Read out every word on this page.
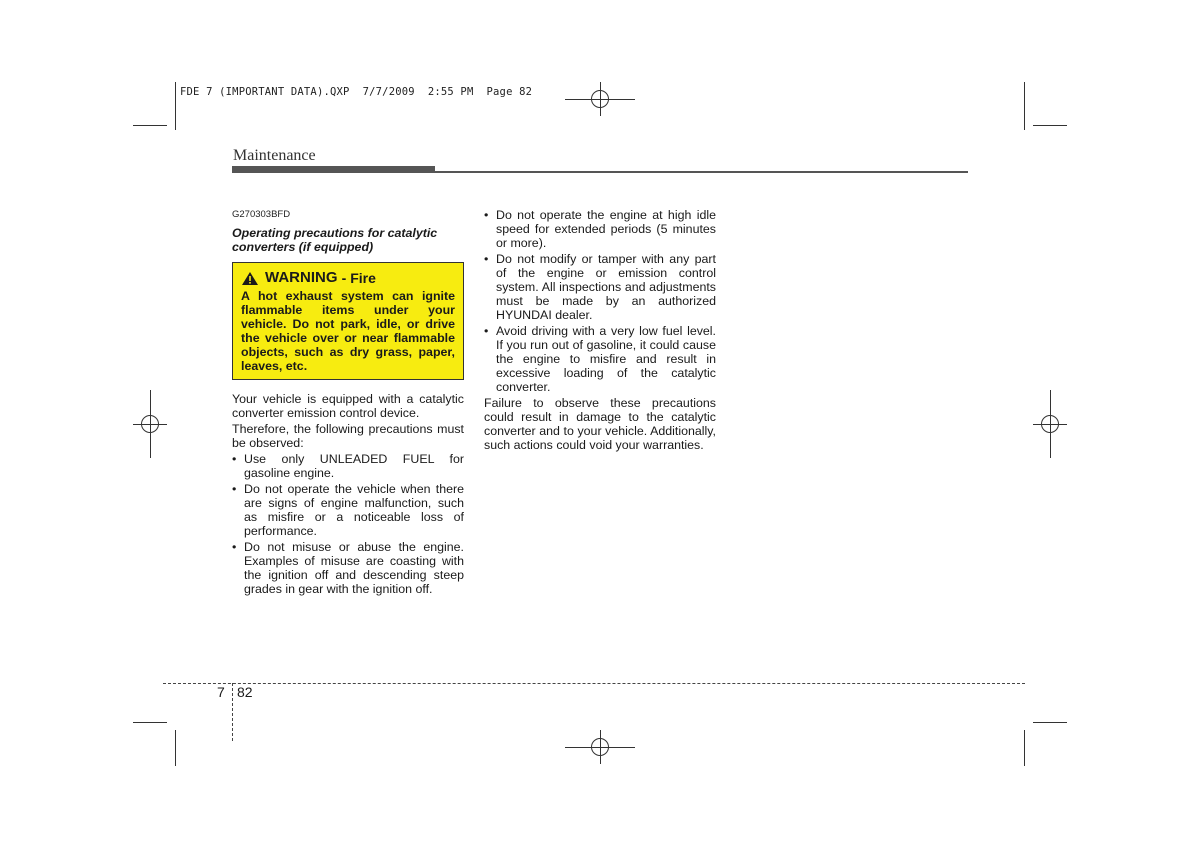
FDE 7 (IMPORTANT DATA).QXP  7/7/2009  2:55 PM  Page 82
Maintenance

G270303BFD

Operating precautions for catalytic converters (if equipped)

WARNING
- Fire
A hot exhaust system can ignite flammable items under your vehicle. Do not park, idle, or drive the vehicle over or near flammable objects, such as dry grass, paper, leaves, etc.

Your vehicle is equipped with a catalytic converter emission control device.

Therefore, the following precautions must be observed:

• Use only UNLEADED FUEL for gasoline engine.
• Do not operate the vehicle when there are signs of engine malfunction, such as misfire or a noticeable loss of performance.
• Do not misuse or abuse the engine. Examples of misuse are coasting with the ignition off and descending steep grades in gear with the ignition off.
• Do not operate the engine at high idle speed for extended periods (5 minutes or more).
• Do not modify or tamper with any part of the engine or emission control system. All inspections and adjustments must be made by an authorized HYUNDAI dealer.
• Avoid driving with a very low fuel level. If you run out of gasoline, it could cause the engine to misfire and result in excessive loading of the catalytic converter.

Failure to observe these precautions could result in damage to the catalytic converter and to your vehicle. Additionally, such actions could void your warranties.

7 82
